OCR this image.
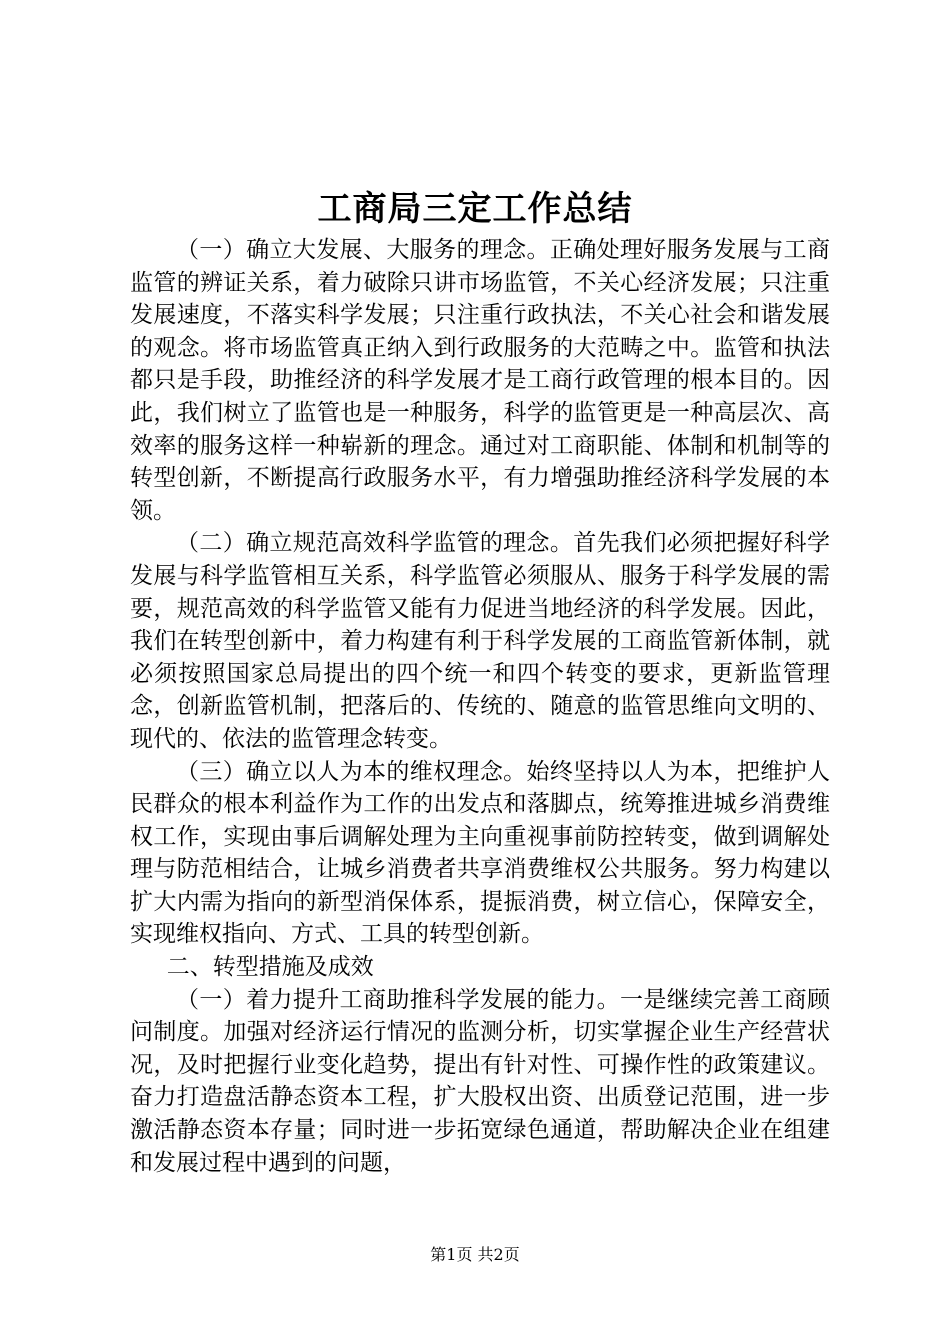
工商局三定工作总结

（一）确立大发展、大服务的理念。正确处理好服务发展与工商监管的辨证关系，着力破除只讲市场监管，不关心经济发展；只注重发展速度，不落实科学发展；只注重行政执法，不关心社会和谐发展的观念。将市场监管真正纳入到行政服务的大范畴之中。监管和执法都只是手段，助推经济的科学发展才是工商行政管理的根本目的。因此，我们树立了监管也是一种服务，科学的监管更是一种高层次、高效率的服务这样一种崭新的理念。通过对工商职能、体制和机制等的转型创新，不断提高行政服务水平，有力增强助推经济科学发展的本领。

（二）确立规范高效科学监管的理念。首先我们必须把握好科学发展与科学监管相互关系，科学监管必须服从、服务于科学发展的需要，规范高效的科学监管又能有力促进当地经济的科学发展。因此，我们在转型创新中，着力构建有利于科学发展的工商监管新体制，就必须按照国家总局提出的四个统一和四个转变的要求，更新监管理念，创新监管机制，把落后的、传统的、随意的监管思维向文明的、现代的、依法的监管理念转变。

（三）确立以人为本的维权理念。始终坚持以人为本，把维护人民群众的根本利益作为工作的出发点和落脚点，统筹推进城乡消费维权工作，实现由事后调解处理为主向重视事前防控转变，做到调解处理与防范相结合，让城乡消费者共享消费维权公共服务。努力构建以扩大内需为指向的新型消保体系，提振消费，树立信心，保障安全，实现维权指向、方式、工具的转型创新。

二、转型措施及成效

（一）着力提升工商助推科学发展的能力。一是继续完善工商顾问制度。加强对经济运行情况的监测分析，切实掌握企业生产经营状况，及时把握行业变化趋势，提出有针对性、可操作性的政策建议。奋力打造盘活静态资本工程，扩大股权出资、出质登记范围，进一步激活静态资本存量；同时进一步拓宽绿色通道，帮助解决企业在组建和发展过程中遇到的问题，

第1页 共2页
